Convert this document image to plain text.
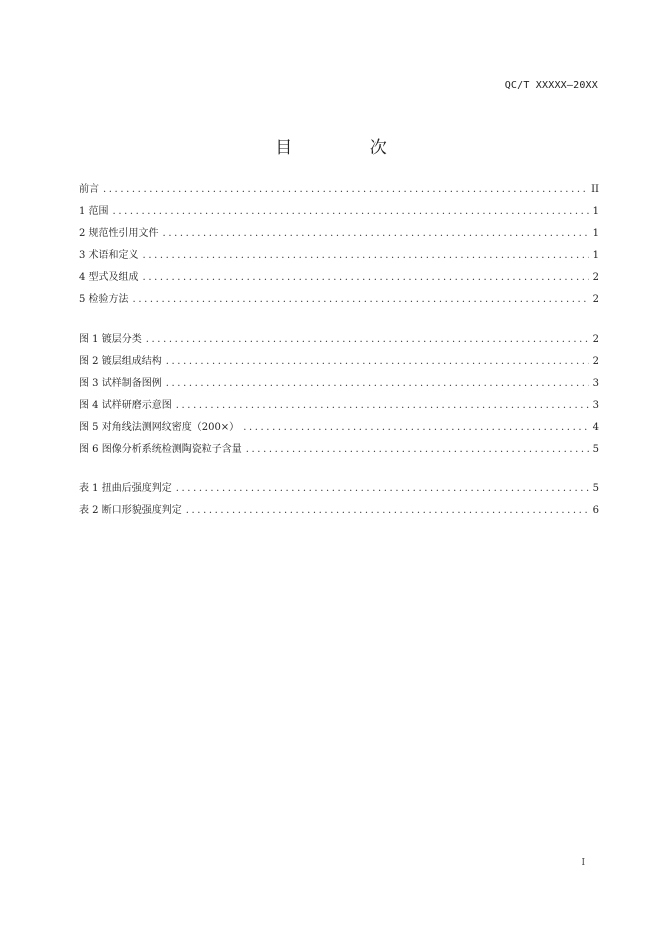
QC/T XXXXX—20XX
目 次
前言 .....	II
1 范围 .....	1
2 规范性引用文件 .....	1
3 术语和定义 .....	1
4 型式及组成 .....	2
5 检验方法 .....	2
图 1 镀层分类 .....	2
图 2 镀层组成结构 .....	2
图 3 试样制备图例 .....	3
图 4 试样研磨示意图 .....	3
图 5 对角线法测网纹密度（200×） .....	4
图 6 图像分析系统检测陶瓷粒子含量 .....	5
表 1 扭曲后强度判定 .....	5
表 2 断口形貌强度判定 .....	6
I
